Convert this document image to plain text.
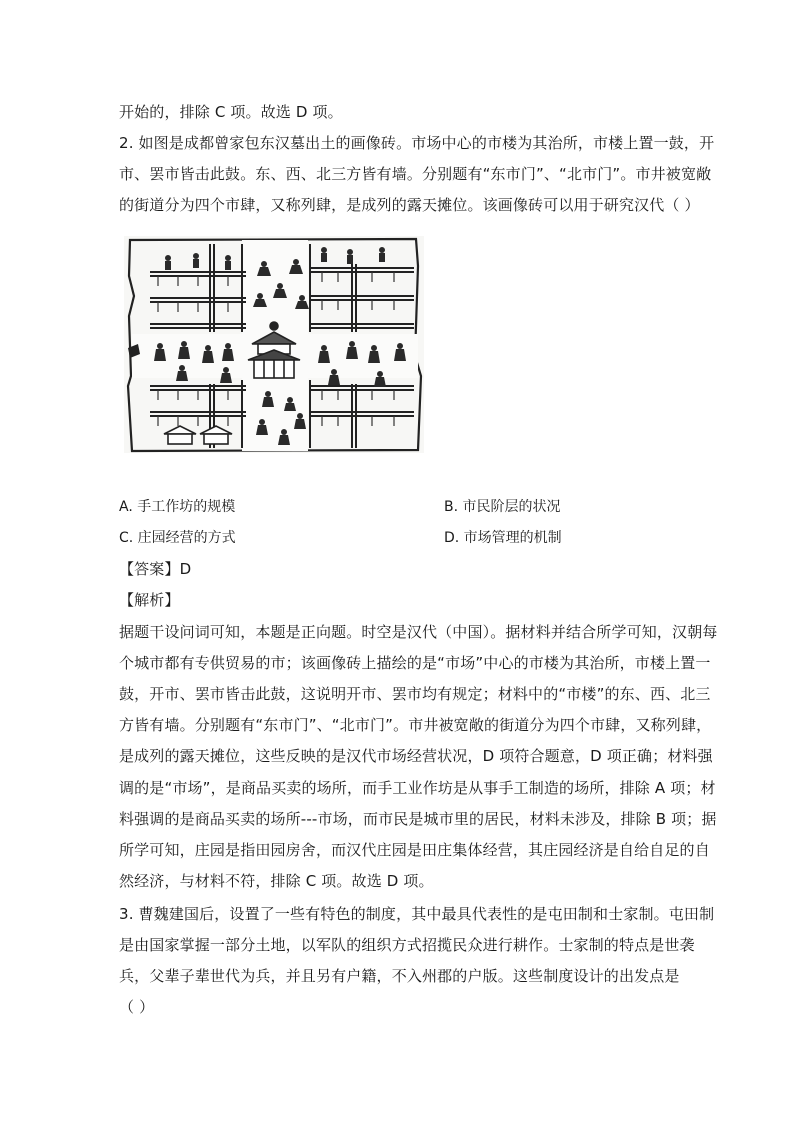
开始的，排除 C 项。故选 D 项。
2. 如图是成都曾家包东汉墓出土的画像砖。市场中心的市楼为其治所，市楼上置一鼓，开
市、罢市皆击此鼓。东、西、北三方皆有墙。分别题有“东市门”、“北市门”。市井被宽敞
的街道分为四个市肆，又称列肆，是成列的露天摊位。该画像砖可以用于研究汉代（ ）
A. 手工作坊的规模	B. 市民阶层的状况
C. 庄园经营的方式	D. 市场管理的机制
【答案】D
【解析】
据题干设问词可知，本题是正向题。时空是汉代（中国）。据材料并结合所学可知，汉朝每
个城市都有专供贸易的市；该画像砖上描绘的是“市场”中心的市楼为其治所，市楼上置一
鼓，开市、罢市皆击此鼓，这说明开市、罢市均有规定；材料中的“市楼”的东、西、北三
方皆有墙。分别题有“东市门”、“北市门”。市井被宽敞的街道分为四个市肆，又称列肆，
是成列的露天摊位，这些反映的是汉代市场经营状况，D 项符合题意，D 项正确；材料强
调的是“市场”，是商品买卖的场所，而手工业作坊是从事手工制造的场所，排除 A 项；材
料强调的是商品买卖的场所---市场，而市民是城市里的居民，材料未涉及，排除 B 项；据
所学可知，庄园是指田园房舍，而汉代庄园是田庄集体经营，其庄园经济是自给自足的自
然经济，与材料不符，排除 C 项。故选 D 项。
3. 曹魏建国后，设置了一些有特色的制度，其中最具代表性的是屯田制和士家制。屯田制
是由国家掌握一部分土地，以军队的组织方式招揽民众进行耕作。士家制的特点是世袭
兵，父辈子辈世代为兵，并且另有户籍，不入州郡的户版。这些制度设计的出发点是
（ ）
